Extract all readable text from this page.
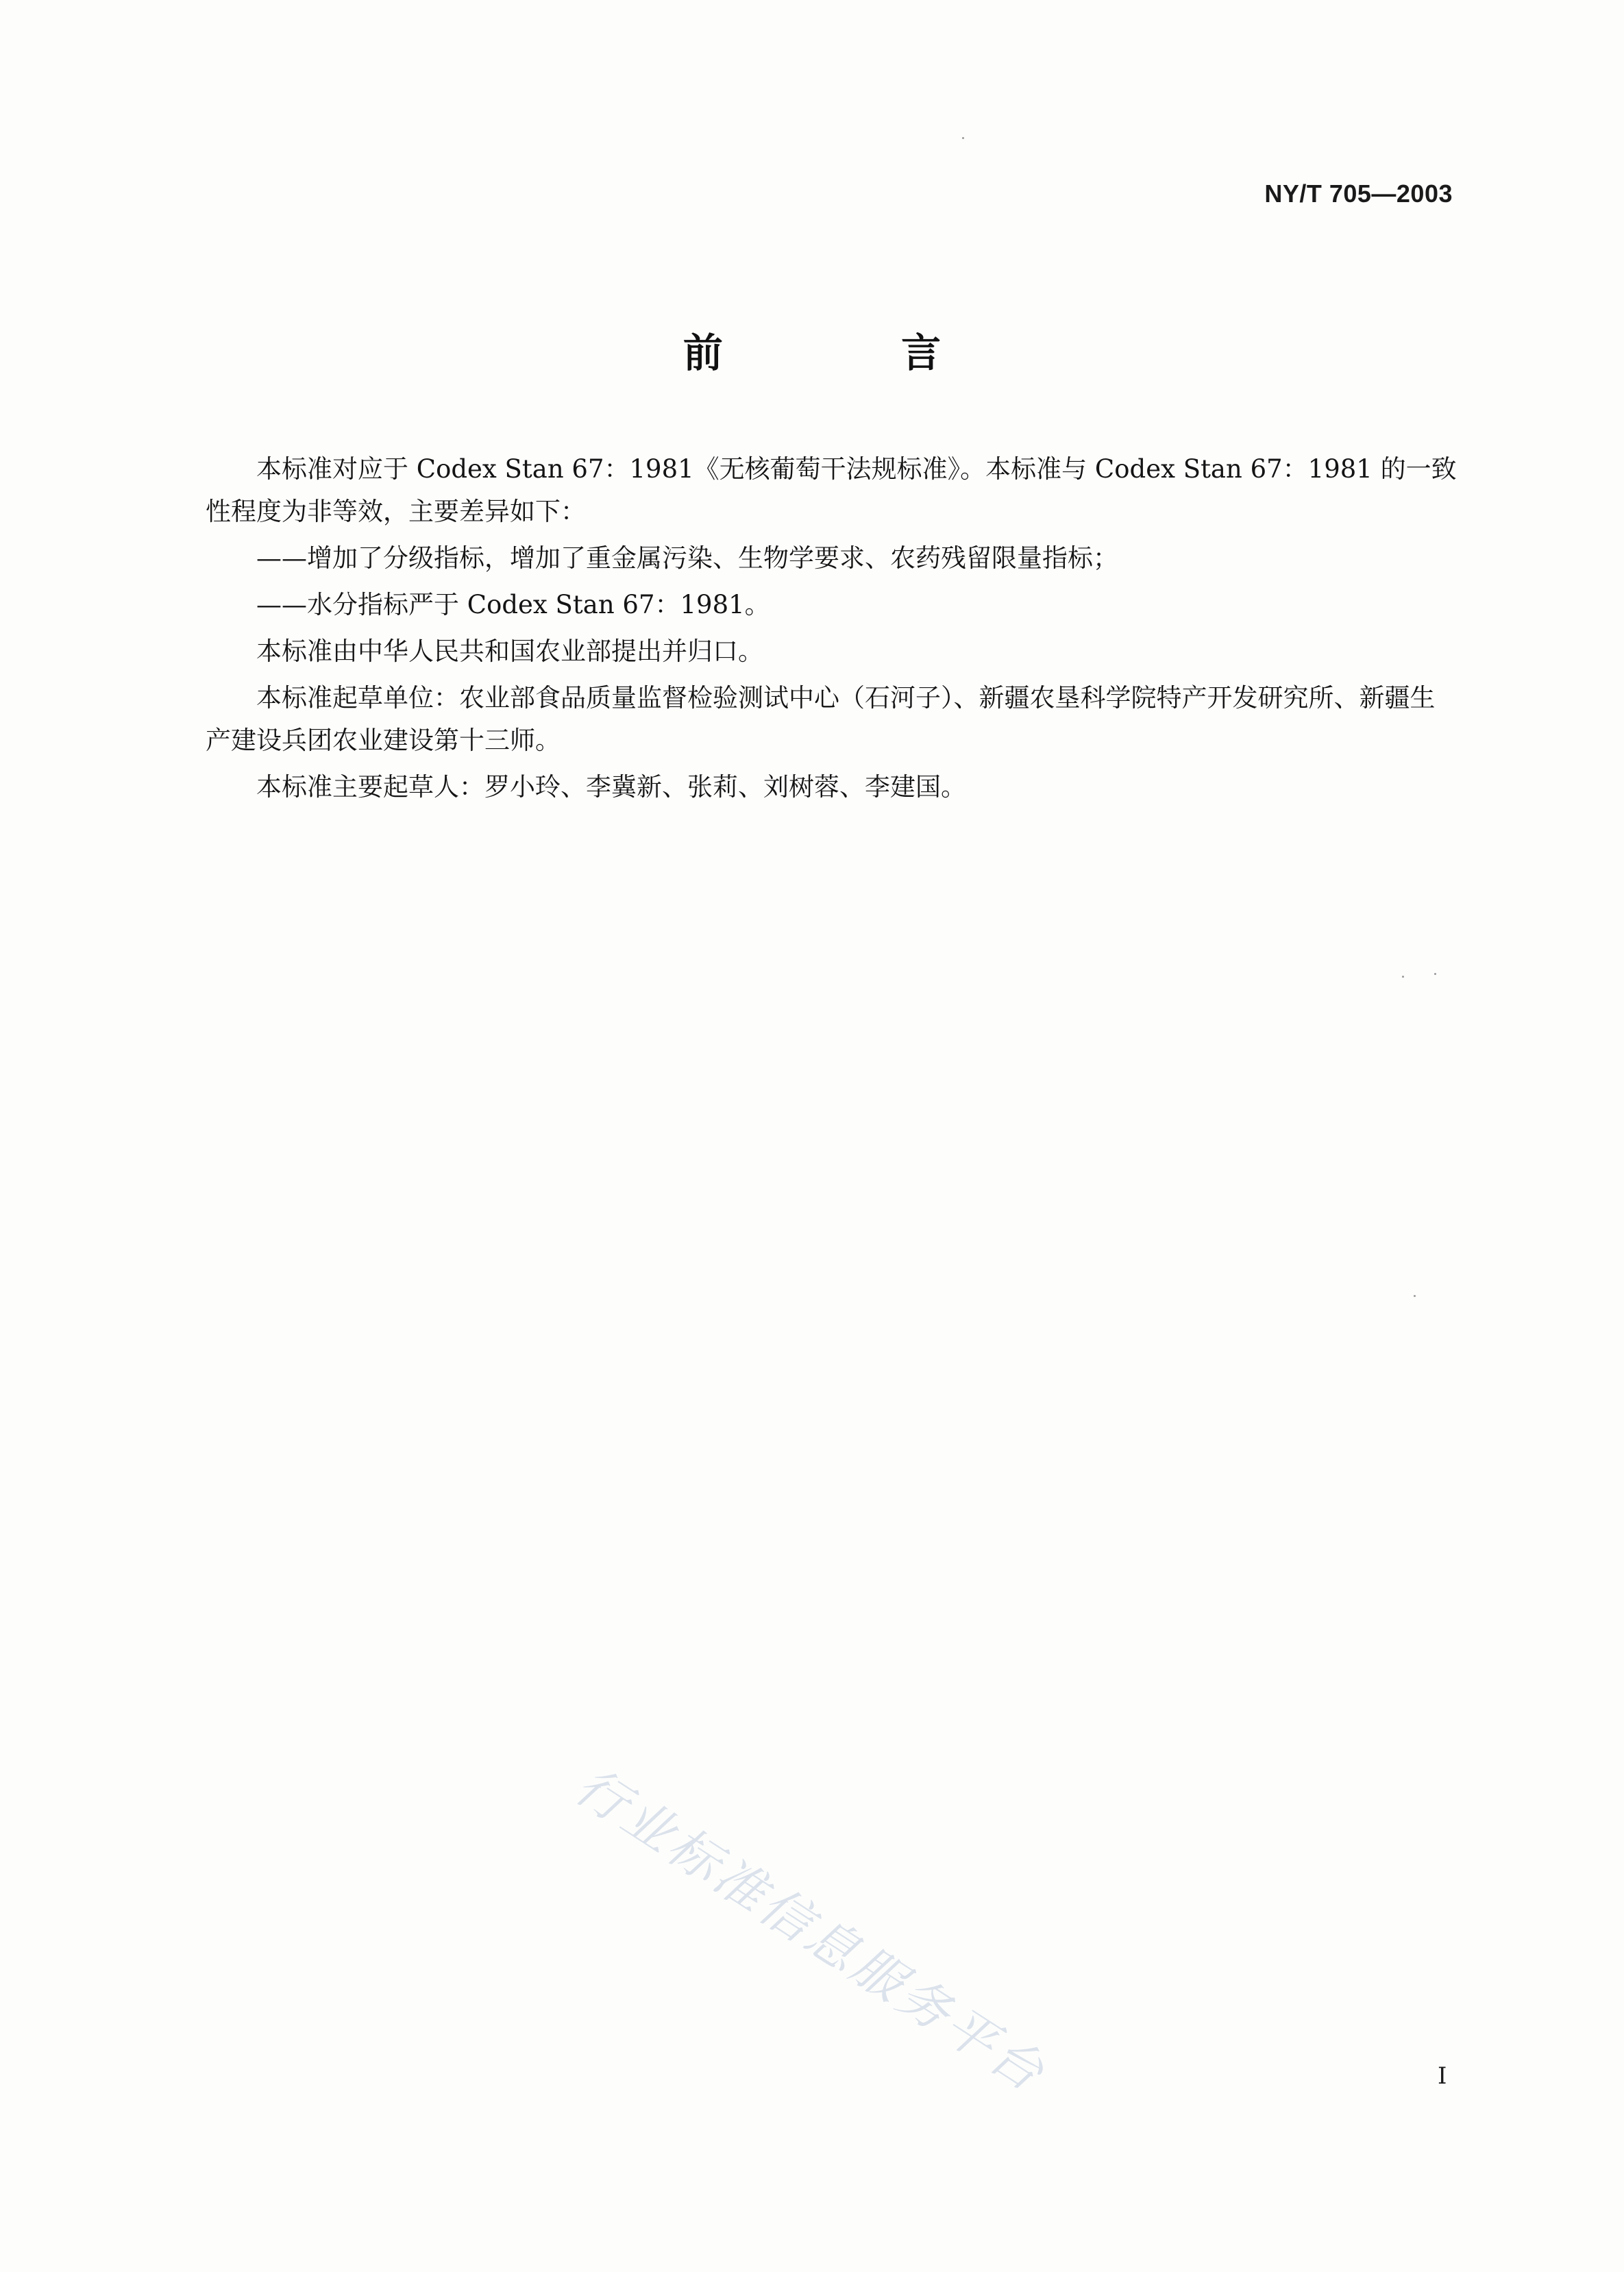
NY/T 705—2003
前 言

本标准对应于 Codex Stan 67：1981《无核葡萄干法规标准》。本标准与 Codex Stan 67：1981 的一致性程度为非等效，主要差异如下：

——增加了分级指标，增加了重金属污染、生物学要求、农药残留限量指标；

——水分指标严于 Codex Stan 67：1981。

本标准由中华人民共和国农业部提出并归口。

本标准起草单位：农业部食品质量监督检验测试中心（石河子）、新疆农垦科学院特产开发研究所、新疆生产建设兵团农业建设第十三师。

本标准主要起草人：罗小玲、李冀新、张莉、刘树蓉、李建国。

行业标准信息服务平台	I
